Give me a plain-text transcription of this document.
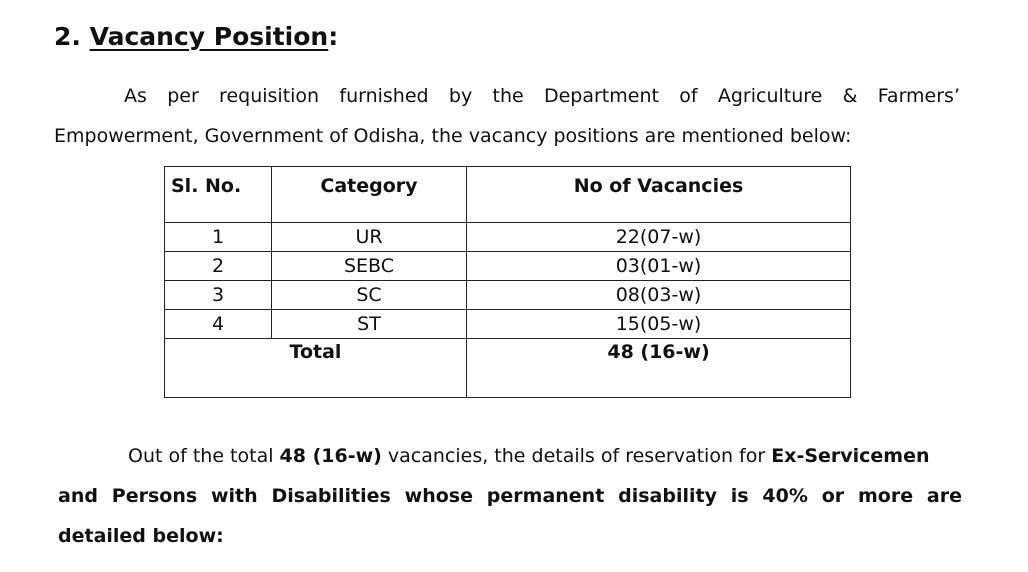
2. Vacancy Position:
As per requisition furnished by the Department of Agriculture & Farmers’
Empowerment, Government of Odisha, the vacancy positions are mentioned below:
Sl. No.	Category	No of Vacancies
1	UR	22(07-w)
2	SEBC	03(01-w)
3	SC	08(03-w)
4	ST	15(05-w)
Total		48 (16-w)
Out of the total 48 (16-w) vacancies, the details of reservation for Ex-Servicemen
and Persons with Disabilities whose permanent disability is 40% or more are
detailed below:
